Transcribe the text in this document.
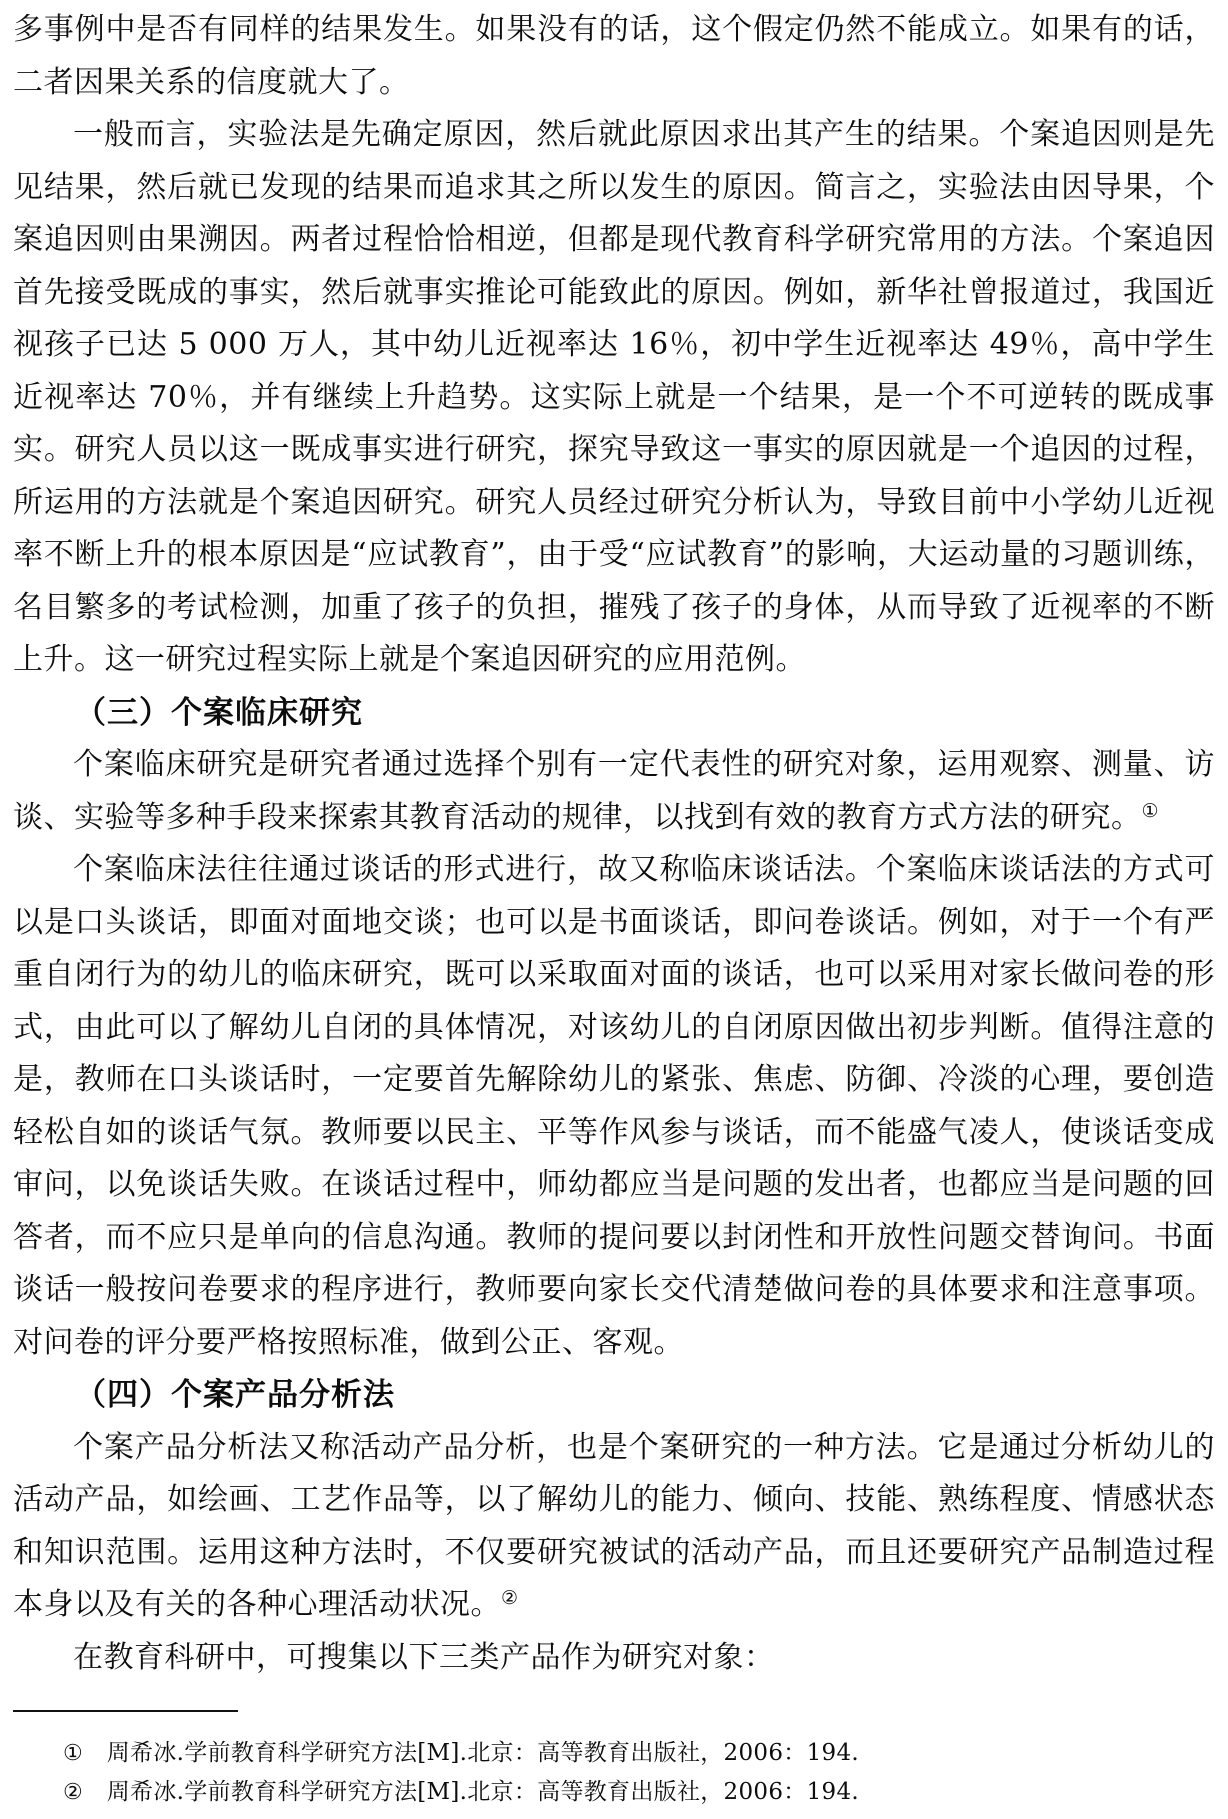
多事例中是否有同样的结果发生。如果没有的话，这个假定仍然不能成立。如果有的话，二者因果关系的信度就大了。

一般而言，实验法是先确定原因，然后就此原因求出其产生的结果。个案追因则是先见结果，然后就已发现的结果而追求其之所以发生的原因。简言之，实验法由因导果，个案追因则由果溯因。两者过程恰恰相逆，但都是现代教育科学研究常用的方法。个案追因首先接受既成的事实，然后就事实推论可能致此的原因。例如，新华社曾报道过，我国近视孩子已达 5 000 万人，其中幼儿近视率达 16％，初中学生近视率达 49％，高中学生近视率达 70％，并有继续上升趋势。这实际上就是一个结果，是一个不可逆转的既成事实。研究人员以这一既成事实进行研究，探究导致这一事实的原因就是一个追因的过程，所运用的方法就是个案追因研究。研究人员经过研究分析认为，导致目前中小学幼儿近视率不断上升的根本原因是“应试教育”，由于受“应试教育”的影响，大运动量的习题训练，名目繁多的考试检测，加重了孩子的负担，摧残了孩子的身体，从而导致了近视率的不断上升。这一研究过程实际上就是个案追因研究的应用范例。

（三）个案临床研究

个案临床研究是研究者通过选择个别有一定代表性的研究对象，运用观察、测量、访谈、实验等多种手段来探索其教育活动的规律，以找到有效的教育方式方法的研究。①

个案临床法往往通过谈话的形式进行，故又称临床谈话法。个案临床谈话法的方式可以是口头谈话，即面对面地交谈；也可以是书面谈话，即问卷谈话。例如，对于一个有严重自闭行为的幼儿的临床研究，既可以采取面对面的谈话，也可以采用对家长做问卷的形式，由此可以了解幼儿自闭的具体情况，对该幼儿的自闭原因做出初步判断。值得注意的是，教师在口头谈话时，一定要首先解除幼儿的紧张、焦虑、防御、冷淡的心理，要创造轻松自如的谈话气氛。教师要以民主、平等作风参与谈话，而不能盛气凌人，使谈话变成审问，以免谈话失败。在谈话过程中，师幼都应当是问题的发出者，也都应当是问题的回答者，而不应只是单向的信息沟通。教师的提问要以封闭性和开放性问题交替询问。书面谈话一般按问卷要求的程序进行，教师要向家长交代清楚做问卷的具体要求和注意事项。对问卷的评分要严格按照标准，做到公正、客观。

（四）个案产品分析法

个案产品分析法又称活动产品分析，也是个案研究的一种方法。它是通过分析幼儿的活动产品，如绘画、工艺作品等，以了解幼儿的能力、倾向、技能、熟练程度、情感状态和知识范围。运用这种方法时，不仅要研究被试的活动产品，而且还要研究产品制造过程本身以及有关的各种心理活动状况。②

在教育科研中，可搜集以下三类产品作为研究对象：

① 周希冰.学前教育科学研究方法[M].北京：高等教育出版社，2006：194.
② 周希冰.学前教育科学研究方法[M].北京：高等教育出版社，2006：194.
